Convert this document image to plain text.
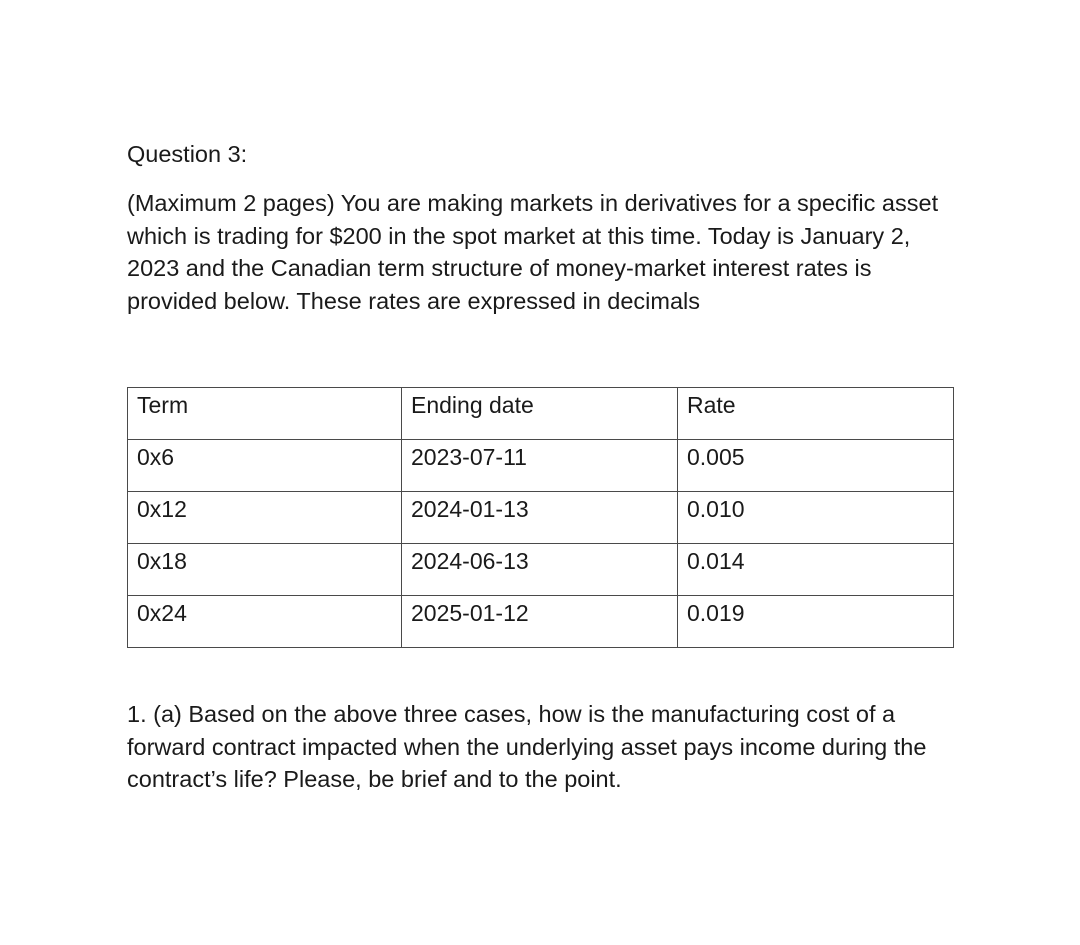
Question 3:

(Maximum 2 pages) You are making markets in derivatives for a specific asset which is trading for $200 in the spot market at this time. Today is January 2, 2023 and the Canadian term structure of money-market interest rates is provided below. These rates are expressed in decimals
Term	Ending date	Rate
0x6	2023-07-11	0.005
0x12	2024-01-13	0.010
0x18	2024-06-13	0.014
0x24	2025-01-12	0.019
1. (a) Based on the above three cases, how is the manufacturing cost of a forward contract impacted when the underlying asset pays income during the contract’s life? Please, be brief and to the point.
